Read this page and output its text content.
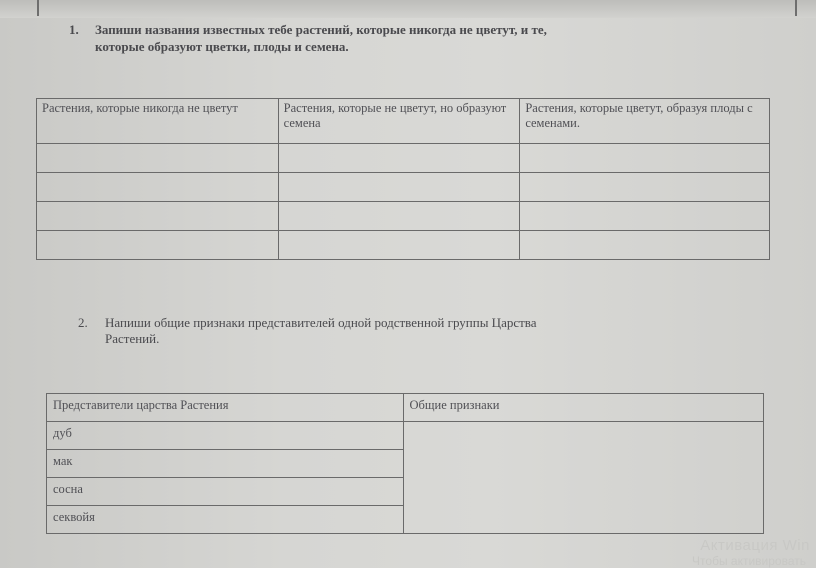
1. Запиши названия известных тебе растений, которые никогда не цветут, и те,
которые образуют цветки, плоды и семена.
Растения, которые никогда не цветут	Растения, которые не цветут, но образуют семена	Растения, которые цветут, образуя плоды с семенами.

2. Напиши общие признаки представителей одной родственной группы Царства
Растений.
Представители царства Растения	Общие признаки
дуб	
мак	
сосна	
секвойя	
Активация Win
Чтобы активировать
